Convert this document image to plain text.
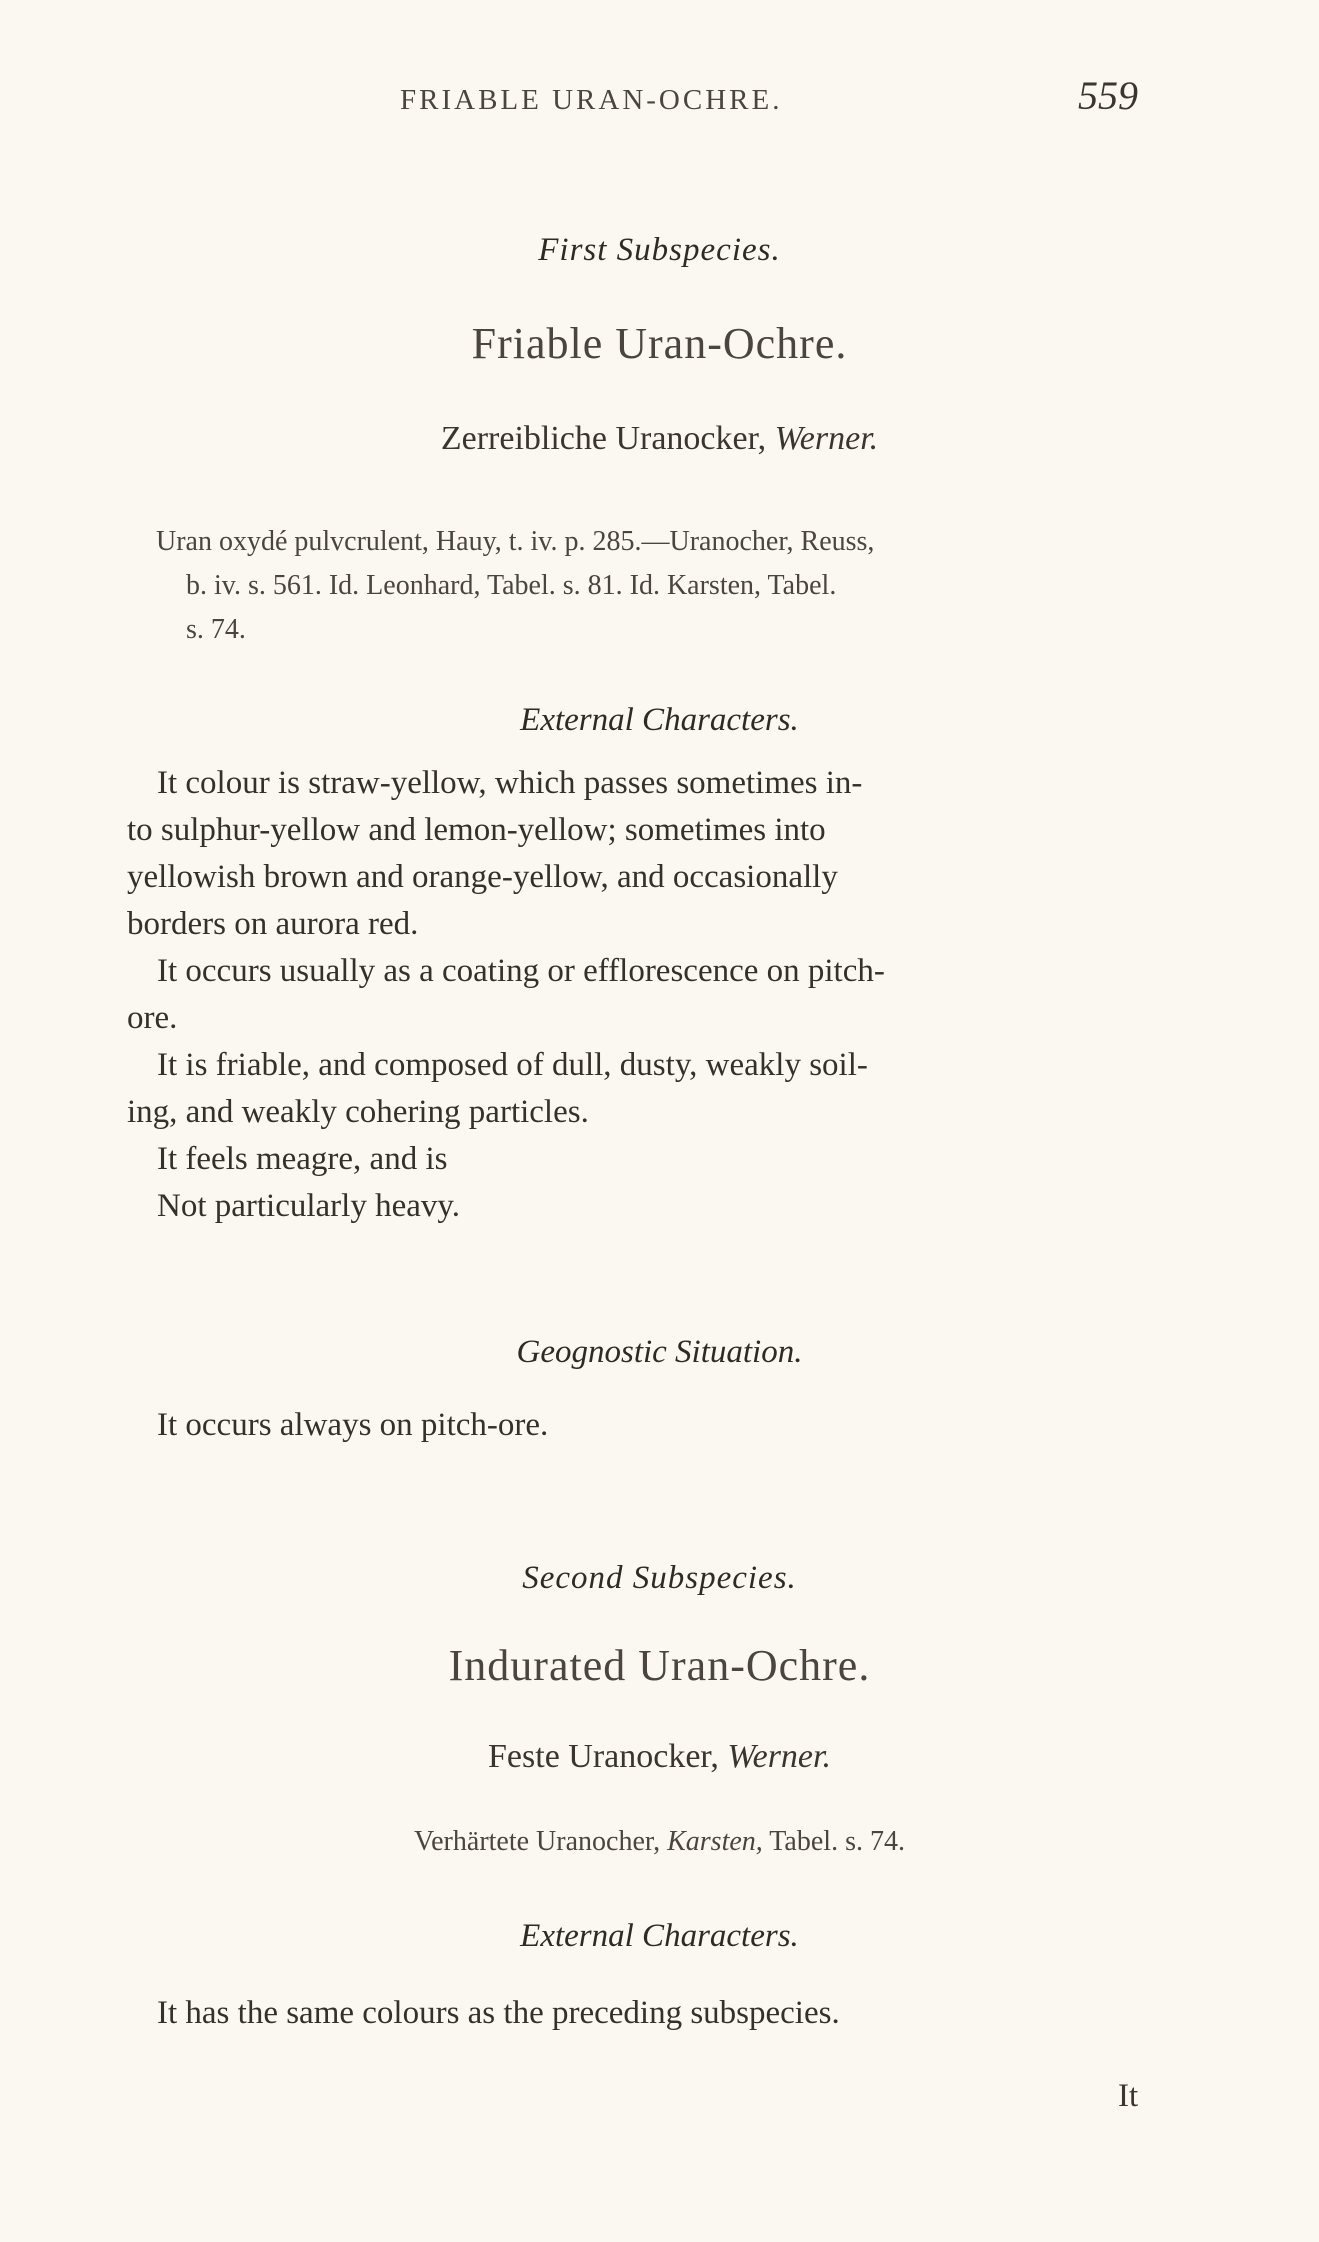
FRIABLE URAN-OCHRE.	559
First Subspecies.
Friable Uran-Ochre.
Zerreibliche Uranocker, Werner.
Uran oxydé pulvcrulent, Hauy, t. iv. p. 285.—Uranocher, Reuss,
b. iv. s. 561. Id. Leonhard, Tabel. s. 81. Id. Karsten, Tabel.
s. 74.
External Characters.
It colour is straw-yellow, which passes sometimes in-
to sulphur-yellow and lemon-yellow; sometimes into
yellowish brown and orange-yellow, and occasionally
borders on aurora red.
It occurs usually as a coating or efflorescence on pitch-
ore.
It is friable, and composed of dull, dusty, weakly soil-
ing, and weakly cohering particles.
It feels meagre, and is
Not particularly heavy.
Geognostic Situation.
It occurs always on pitch-ore.
Second Subspecies.
Indurated Uran-Ochre.
Feste Uranocker, Werner.
Verhärtete Uranocher, Karsten, Tabel. s. 74.
External Characters.
It has the same colours as the preceding subspecies.
It
